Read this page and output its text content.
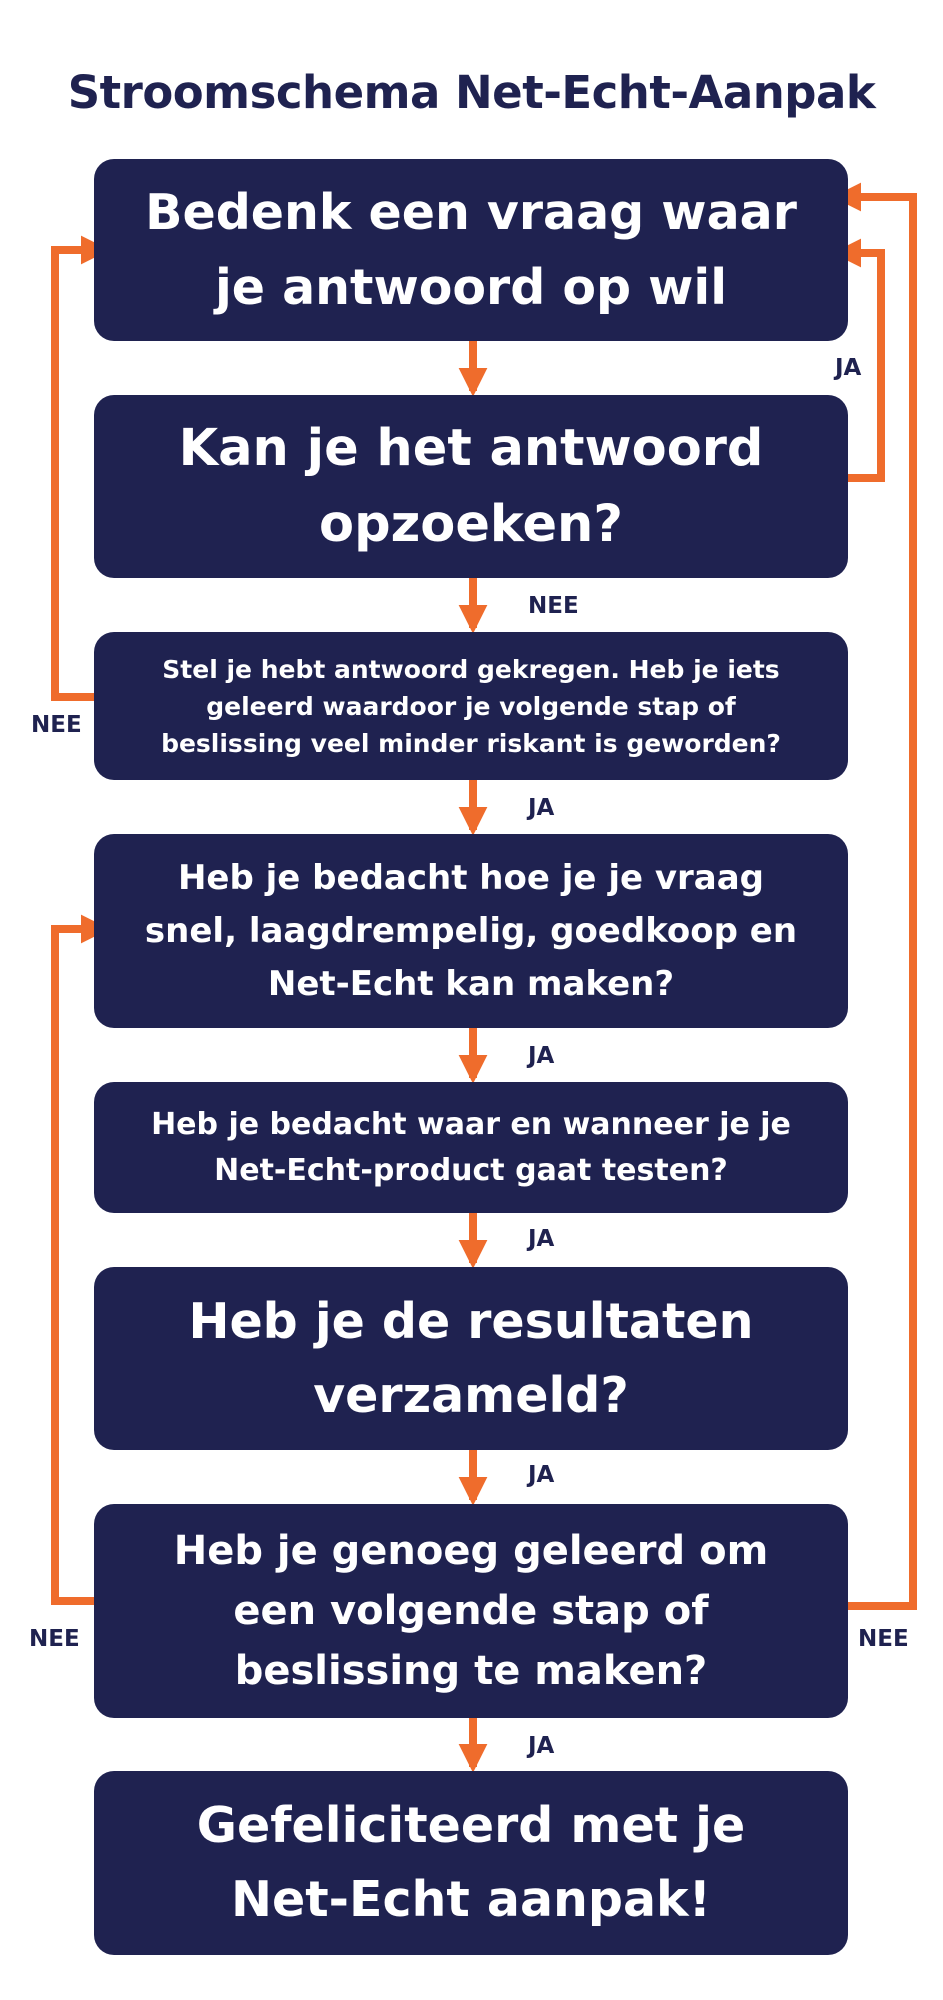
Stroomschema Net-Echt-Aanpak
Bedenk een vraag waar
je antwoord op wil
Kan je het antwoord
opzoeken?
Stel je hebt antwoord gekregen. Heb je iets
geleerd waardoor je volgende stap of
beslissing veel minder riskant is geworden?
Heb je bedacht hoe je je vraag
snel, laagdrempelig, goedkoop en
Net-Echt kan maken?
Heb je bedacht waar en wanneer je je
Net-Echt-product gaat testen?
Heb je de resultaten
verzameld?
Heb je genoeg geleerd om
een volgende stap of
beslissing te maken?
Gefeliciteerd met je
Net-Echt aanpak!
JA
NEE
NEE
JA
JA
JA
JA
NEE	NEE
JA
